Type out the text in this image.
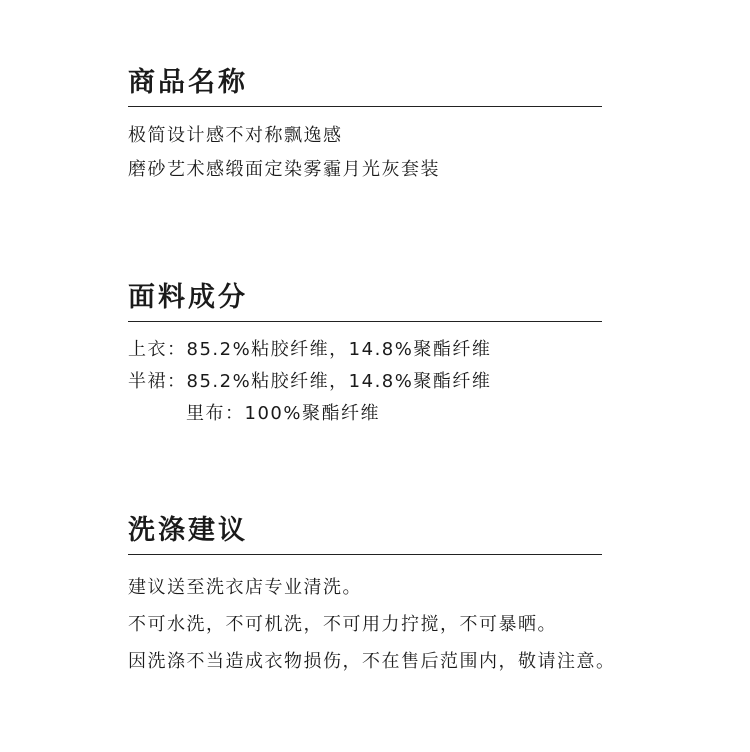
商品名称

极简设计感不对称飘逸感

磨砂艺术感缎面定染雾霾月光灰套装

面料成分

上衣：85.2%粘胶纤维，14.8%聚酯纤维

半裙：85.2%粘胶纤维，14.8%聚酯纤维

里布：100%聚酯纤维

洗涤建议

建议送至洗衣店专业清洗。

不可水洗，不可机洗，不可用力拧搅，不可暴晒。

因洗涤不当造成衣物损伤，不在售后范围内，敬请注意。
